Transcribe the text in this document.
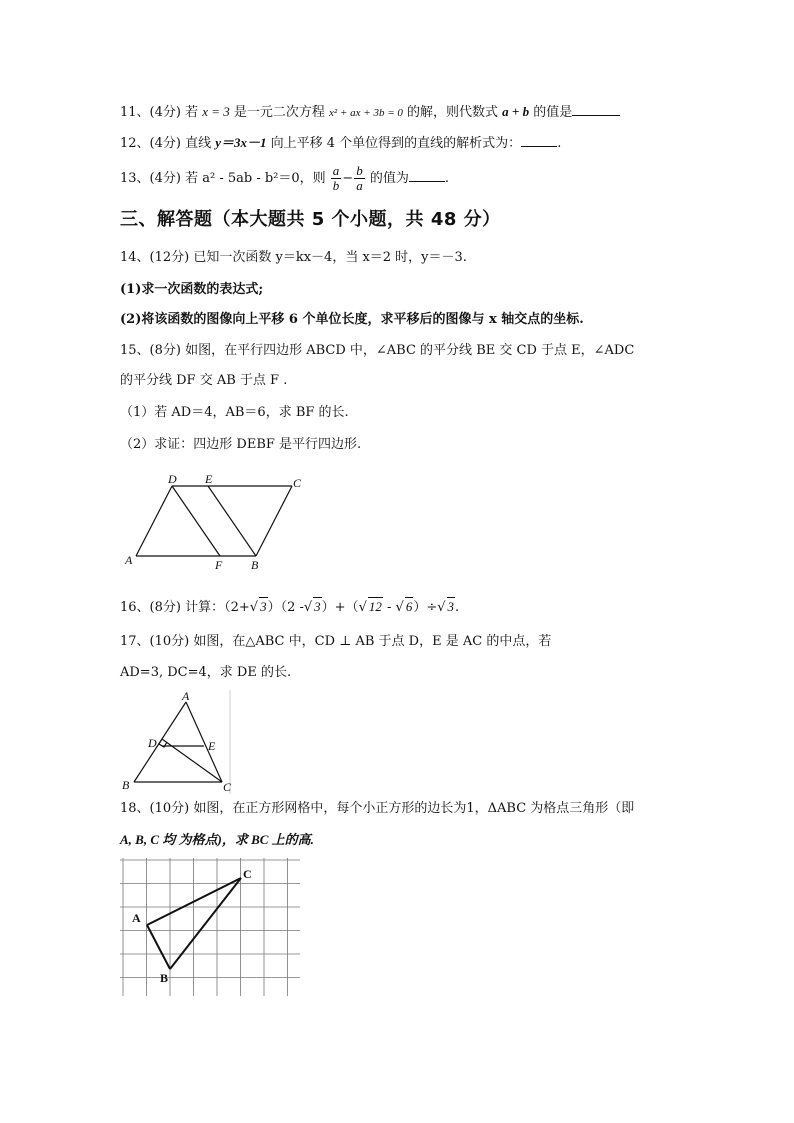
11、(4分) 若 x = 3 是一元二次方程 x² + ax + 3b = 0 的解，则代数式 a + b 的值是
12、(4分) 直线 y＝3x－1 向上平移 4 个单位得到的直线的解析式为：	.
13、(4分) 若 a² - 5ab - b²＝0，则 $\frac{a}{b} - \frac{b}{a}$ 的值为	.
三、解答题（本大题共 5 个小题，共 48 分）
14、(12分) 已知一次函数 y＝kx－4，当 x＝2 时，y＝－3.
(1)求一次函数的表达式;
(2)将该函数的图像向上平移 6 个单位长度，求平移后的图像与 x 轴交点的坐标.
15、(8分) 如图，在平行四边形 ABCD 中，∠ABC 的平分线 BE 交 CD 于点 E，∠ADC
的平分线 DF 交 AB 于点 F .
（1）若 AD＝4，AB＝6，求 BF 的长.
（2）求证：四边形 DEBF 是平行四边形.
D E	C
A	F B
16、(8分) 计算：（2+√ 3）（2 -√ 3）+（√ 12 - √ 6）÷√ 3.
17、(10分) 如图，在△ABC 中，CD ⊥ AB 于点 D，E 是 AC 的中点，若
AD=3, DC=4，求 DE 的长.
A
D	E
B	C
18、(10分) 如图，在正方形网格中，每个小正方形的边长为1，ΔABC 为格点三角形（即
A, B, C 均 为格点)，求 BC 上的高.
A
B
C
